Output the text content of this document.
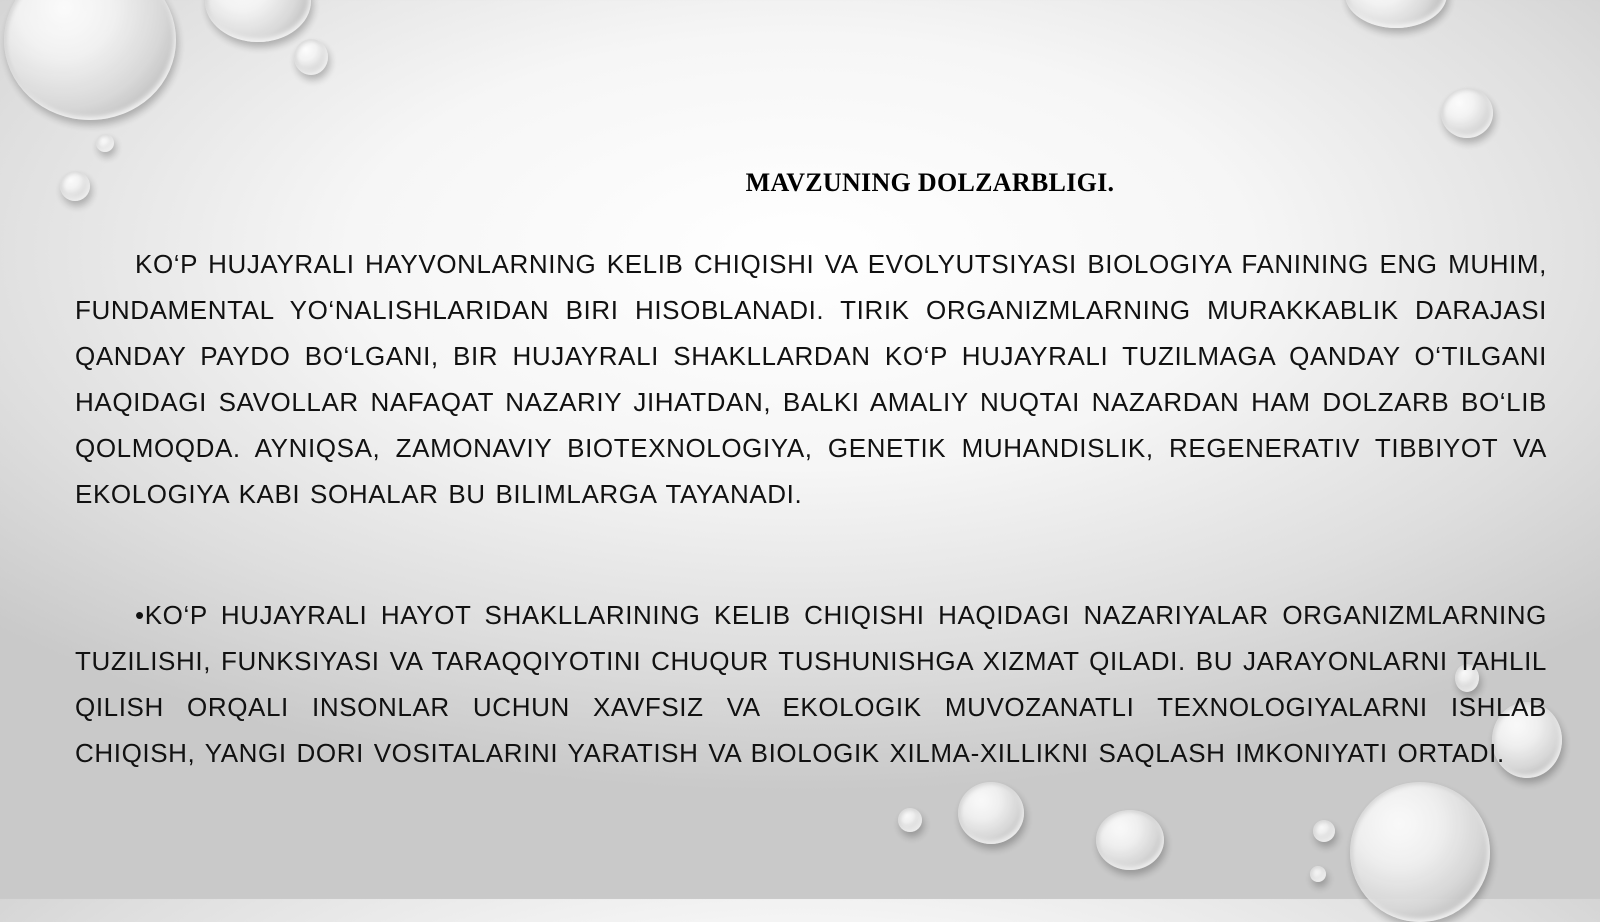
MAVZUNING DOLZARBLIGI.

KO‘P HUJAYRALI HAYVONLARNING KELIB CHIQISHI VA EVOLYUTSIYASI BIOLOGIYA FANINING ENG MUHIM, FUNDAMENTAL YO‘NALISHLARIDAN BIRI HISOBLANADI. TIRIK ORGANIZMLARNING MURAKKABLIK DARAJASI QANDAY PAYDO BO‘LGANI, BIR HUJAYRALI SHAKLLARDAN KO‘P HUJAYRALI TUZILMAGA QANDAY O‘TILGANI HAQIDAGI SAVOLLAR NAFAQAT NAZARIY JIHATDAN, BALKI AMALIY NUQTAI NAZARDAN HAM DOLZARB BO‘LIB QOLMOQDA. AYNIQSA, ZAMONAVIY BIOTEXNOLOGIYA, GENETIK MUHANDISLIK, REGENERATIV TIBBIYOT VA EKOLOGIYA KABI SOHALAR BU BILIMLARGA TAYANADI.

•KO‘P HUJAYRALI HAYOT SHAKLLARINING KELIB CHIQISHI HAQIDAGI NAZARIYALAR ORGANIZMLARNING TUZILISHI, FUNKSIYASI VA TARAQQIYOTINI CHUQUR TUSHUNISHGA XIZMAT QILADI. BU JARAYONLARNI TAHLIL QILISH ORQALI INSONLAR UCHUN XAVFSIZ VA EKOLOGIK MUVOZANATLI TEXNOLOGIYALARNI ISHLAB CHIQISH, YANGI DORI VOSITALARINI YARATISH VA BIOLOGIK XILMA-XILLIKNI SAQLASH IMKONIYATI ORTADI.
